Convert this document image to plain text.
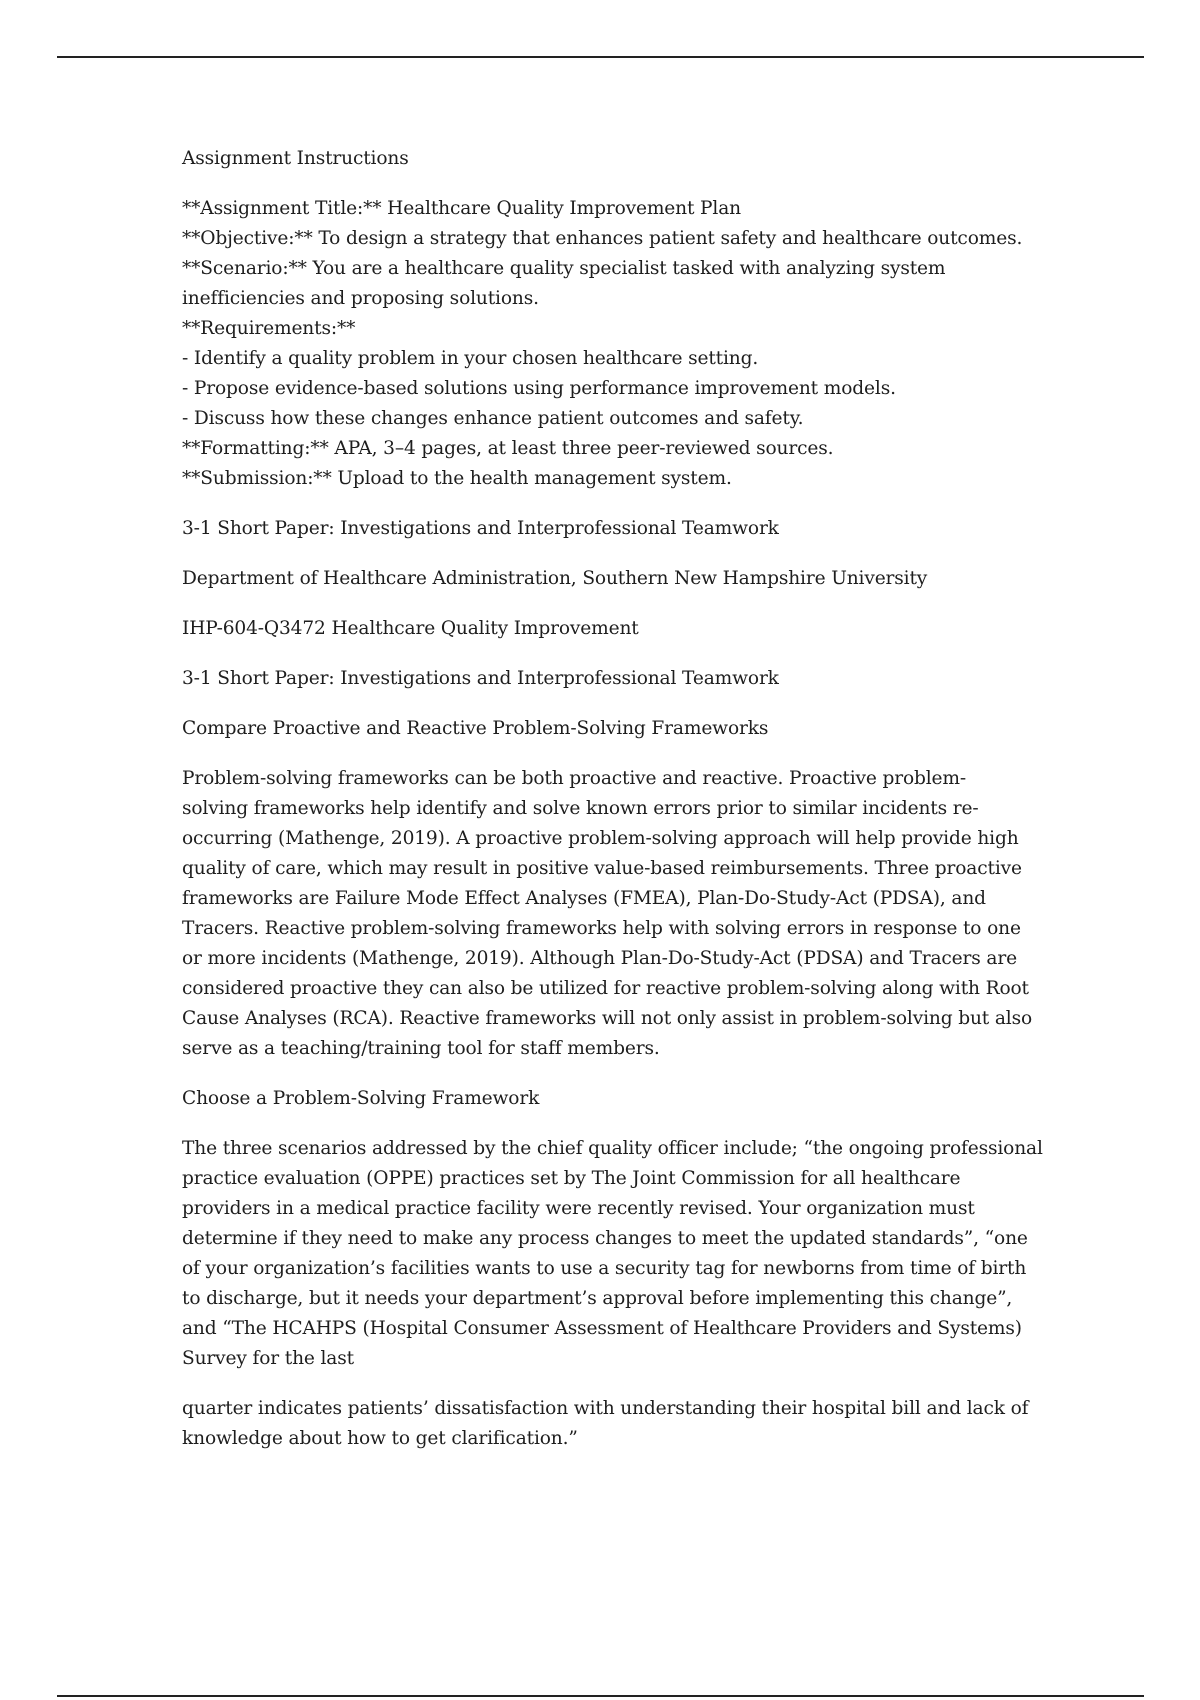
Assignment Instructions

**Assignment Title:** Healthcare Quality Improvement Plan
**Objective:** To design a strategy that enhances patient safety and healthcare outcomes.
**Scenario:** You are a healthcare quality specialist tasked with analyzing system
inefficiencies and proposing solutions.
**Requirements:**
- Identify a quality problem in your chosen healthcare setting.
- Propose evidence-based solutions using performance improvement models.
- Discuss how these changes enhance patient outcomes and safety.
**Formatting:** APA, 3–4 pages, at least three peer-reviewed sources.
**Submission:** Upload to the health management system.

3-1 Short Paper: Investigations and Interprofessional Teamwork

Department of Healthcare Administration, Southern New Hampshire University

IHP-604-Q3472 Healthcare Quality Improvement

3-1 Short Paper: Investigations and Interprofessional Teamwork

Compare Proactive and Reactive Problem-Solving Frameworks

Problem-solving frameworks can be both proactive and reactive. Proactive problem-
solving frameworks help identify and solve known errors prior to similar incidents re-
occurring (Mathenge, 2019). A proactive problem-solving approach will help provide high
quality of care, which may result in positive value-based reimbursements. Three proactive
frameworks are Failure Mode Effect Analyses (FMEA), Plan-Do-Study-Act (PDSA), and
Tracers. Reactive problem-solving frameworks help with solving errors in response to one
or more incidents (Mathenge, 2019). Although Plan-Do-Study-Act (PDSA) and Tracers are
considered proactive they can also be utilized for reactive problem-solving along with Root
Cause Analyses (RCA). Reactive frameworks will not only assist in problem-solving but also
serve as a teaching/training tool for staff members.

Choose a Problem-Solving Framework

The three scenarios addressed by the chief quality officer include; “the ongoing professional
practice evaluation (OPPE) practices set by The Joint Commission for all healthcare
providers in a medical practice facility were recently revised. Your organization must
determine if they need to make any process changes to meet the updated standards”, “one
of your organization’s facilities wants to use a security tag for newborns from time of birth
to discharge, but it needs your department’s approval before implementing this change”,
and “The HCAHPS (Hospital Consumer Assessment of Healthcare Providers and Systems)
Survey for the last
quarter indicates patients’ dissatisfaction with understanding their hospital bill and lack of
knowledge about how to get clarification.”
